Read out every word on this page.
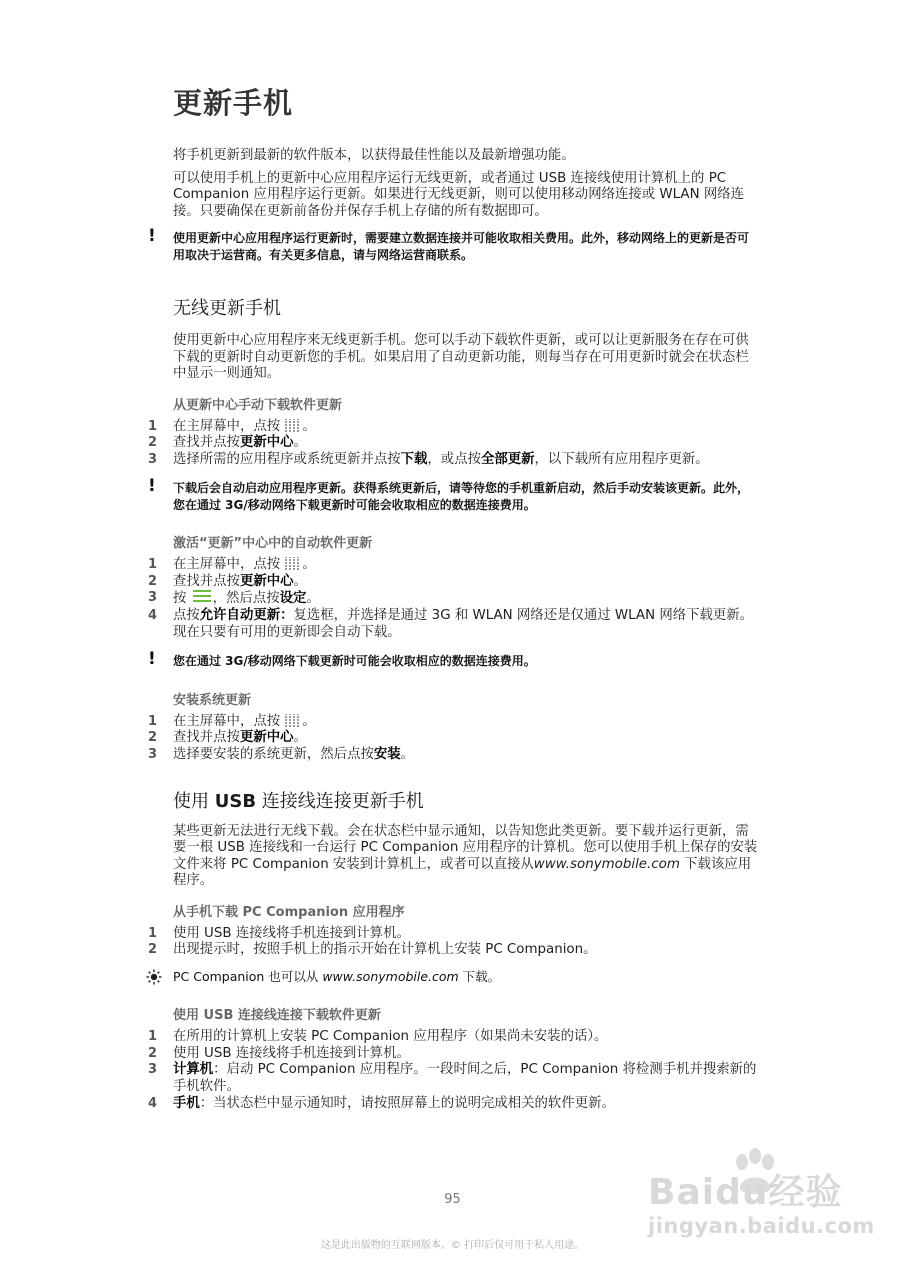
更新手机

将手机更新到最新的软件版本，以获得最佳性能以及最新增强功能。

可以使用手机上的更新中心应用程序运行无线更新，或者通过 USB 连接线使用计算机上的 PC Companion 应用程序运行更新。如果进行无线更新，则可以使用移动网络连接或 WLAN 网络连接。只要确保在更新前备份并保存手机上存储的所有数据即可。

! 使用更新中心应用程序运行更新时，需要建立数据连接并可能收取相关费用。此外，移动网络上的更新是否可用取决于运营商。有关更多信息，请与网络运营商联系。
无线更新手机

使用更新中心应用程序来无线更新手机。您可以手动下载软件更新，或可以让更新服务在存在可供下载的更新时自动更新您的手机。如果启用了自动更新功能，则每当存在可用更新时就会在状态栏中显示一则通知。

从更新中心手动下载软件更新
1 在主屏幕中，点按 。
2 查找并点按更新中心。
3 选择所需的应用程序或系统更新并点按下载，或点按全部更新，以下载所有应用程序更新。
! 下载后会自动启动应用程序更新。获得系统更新后，请等待您的手机重新启动，然后手动安装该更新。此外，您在通过 3G/移动网络下载更新时可能会收取相应的数据连接费用。
激活“更新”中心中的自动软件更新
1 在主屏幕中，点按 。
2 查找并点按更新中心。
3 按 ，然后点按设定。
4 点按允许自动更新：复选框，并选择是通过 3G 和 WLAN 网络还是仅通过 WLAN 网络下载更新。现在只要有可用的更新即会自动下载。
! 您在通过 3G/移动网络下载更新时可能会收取相应的数据连接费用。
安装系统更新
1 在主屏幕中，点按 。
2 查找并点按更新中心。
3 选择要安装的系统更新，然后点按安装。
使用 USB 连接线连接更新手机

某些更新无法进行无线下载。会在状态栏中显示通知，以告知您此类更新。要下载并运行更新，需要一根 USB 连接线和一台运行 PC Companion 应用程序的计算机。您可以使用手机上保存的安装文件来将 PC Companion 安装到计算机上，或者可以直接从www.sonymobile.com 下载该应用程序。

从手机下载 PC Companion 应用程序
1 使用 USB 连接线将手机连接到计算机。
2 出现提示时，按照手机上的指示开始在计算机上安装 PC Companion。
PC Companion 也可以从 www.sonymobile.com 下载。
使用 USB 连接线连接下载软件更新
1 在所用的计算机上安装 PC Companion 应用程序（如果尚未安装的话）。
2 使用 USB 连接线将手机连接到计算机。
3 计算机：启动 PC Companion 应用程序。一段时间之后，PC Companion 将检测手机并搜索新的手机软件。
4 手机：当状态栏中显示通知时，请按照屏幕上的说明完成相关的软件更新。
95
这是此出版物的互联网版本。© 打印后仅可用于私人用途。
Baidu经验
jingyan.baidu.com
